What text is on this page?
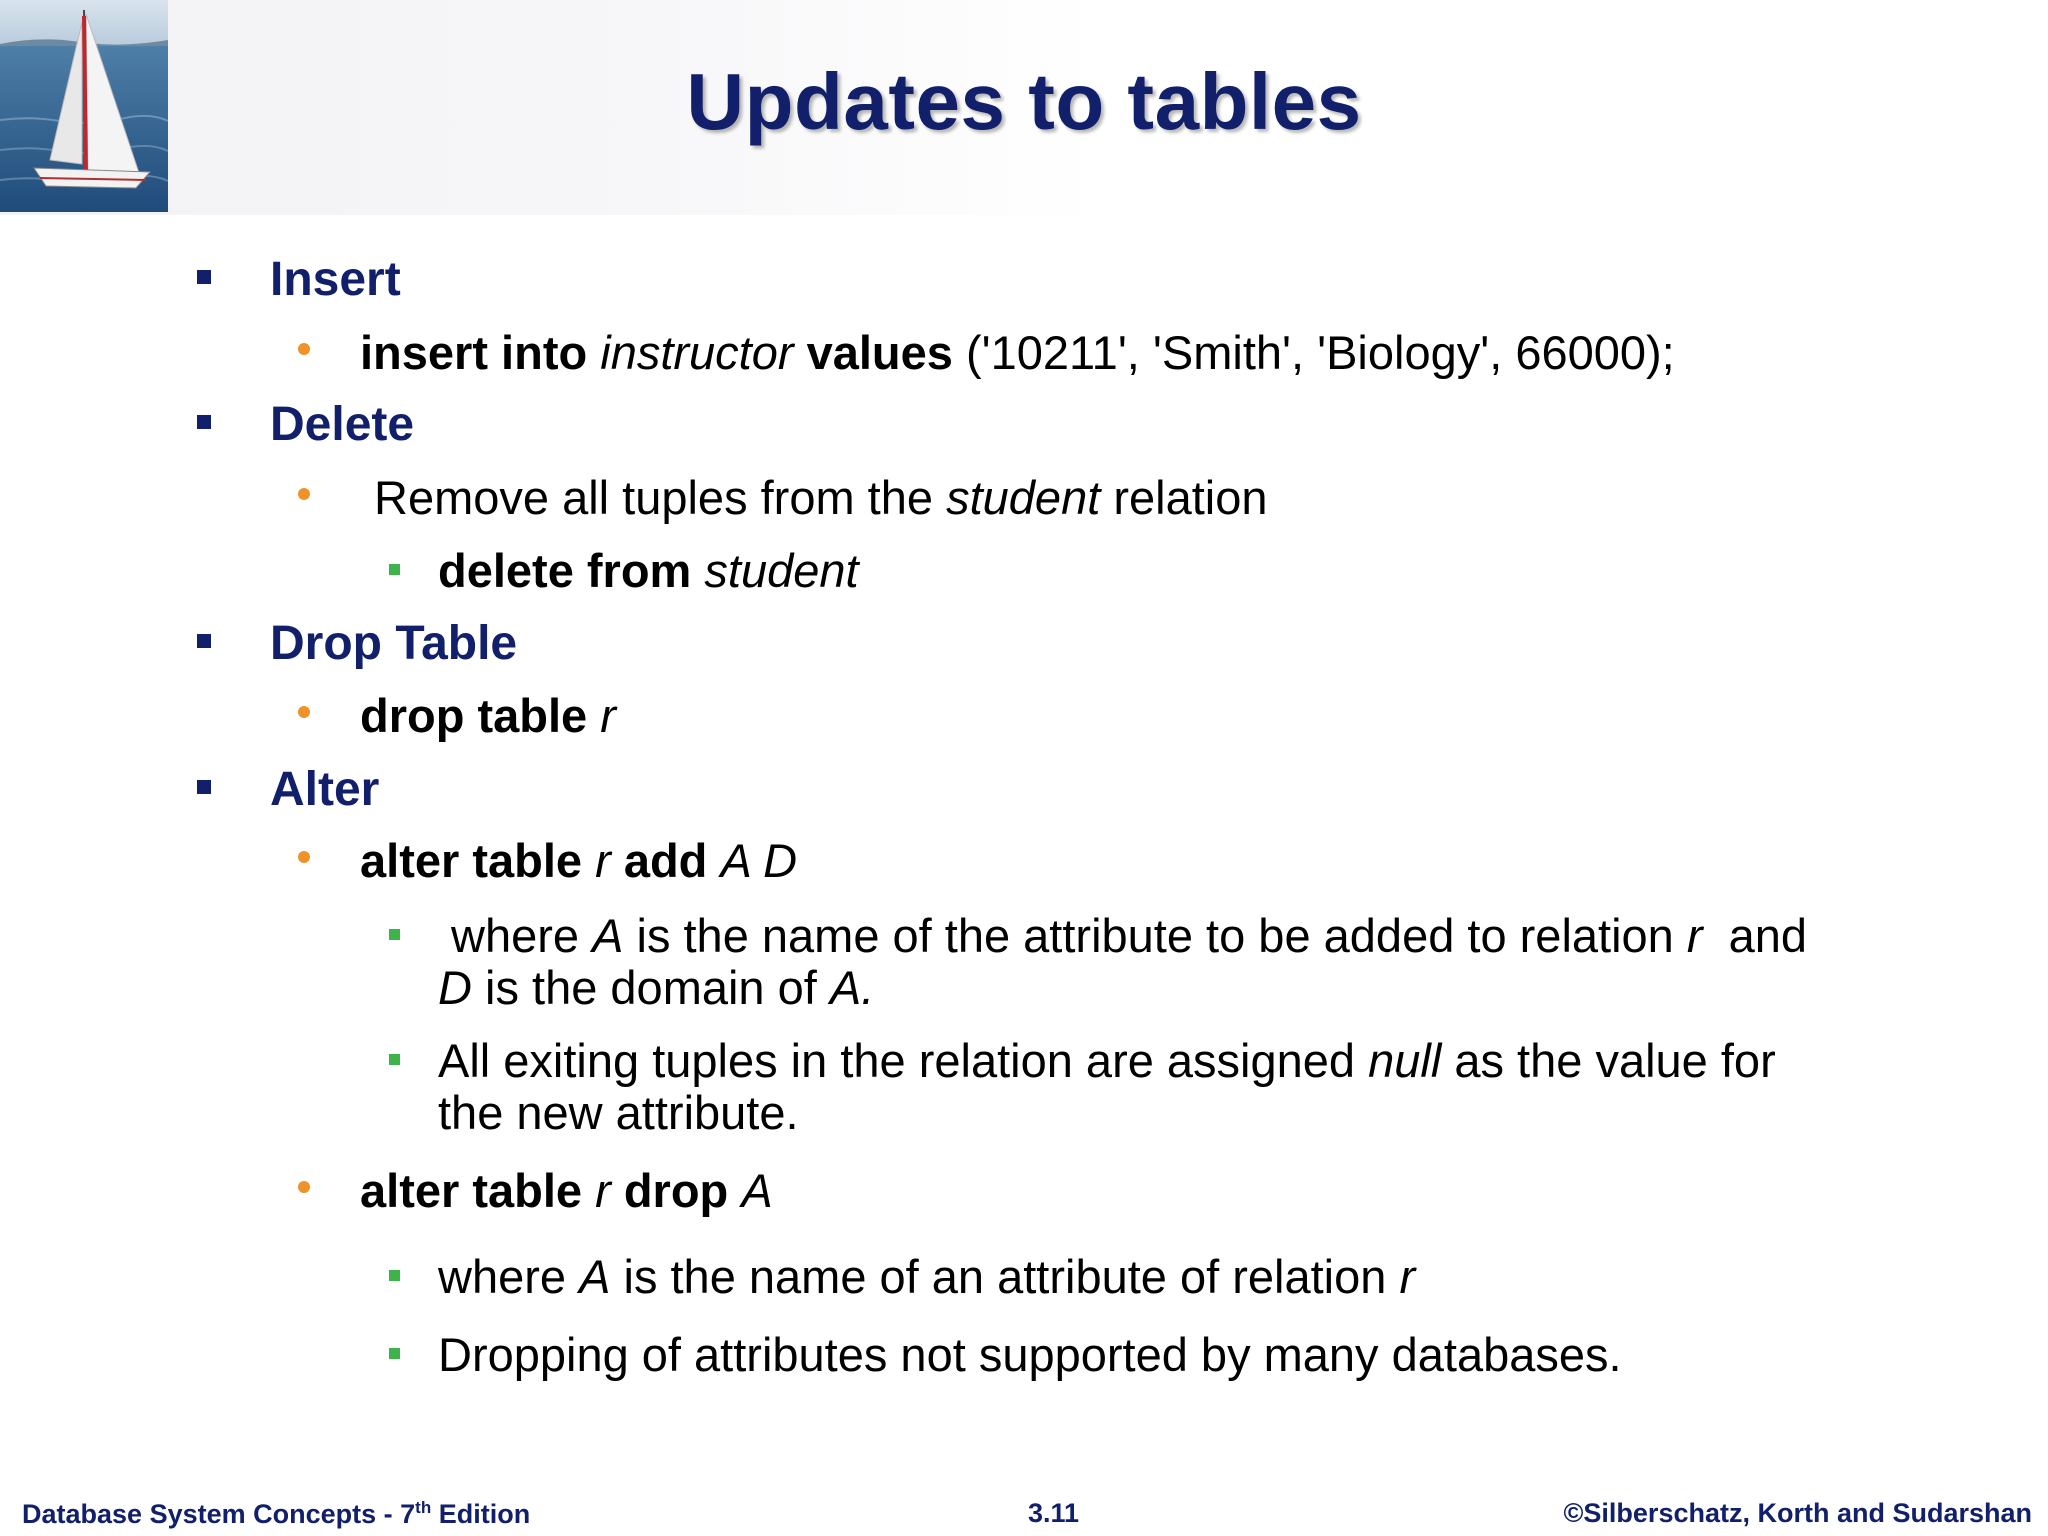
Updates to tables
Insert
insert into instructor values ('10211', 'Smith', 'Biology', 66000);
Delete
Remove all tuples from the student relation
delete from student
Drop Table
drop table r
Alter
alter table r add A D
where A is the name of the attribute to be added to relation r and
D is the domain of A.
All exiting tuples in the relation are assigned null as the value for
the new attribute.
alter table r drop A
where A is the name of an attribute of relation r
Dropping of attributes not supported by many databases.
Database System Concepts - 7th Edition	3.11	©Silberschatz, Korth and Sudarshan
